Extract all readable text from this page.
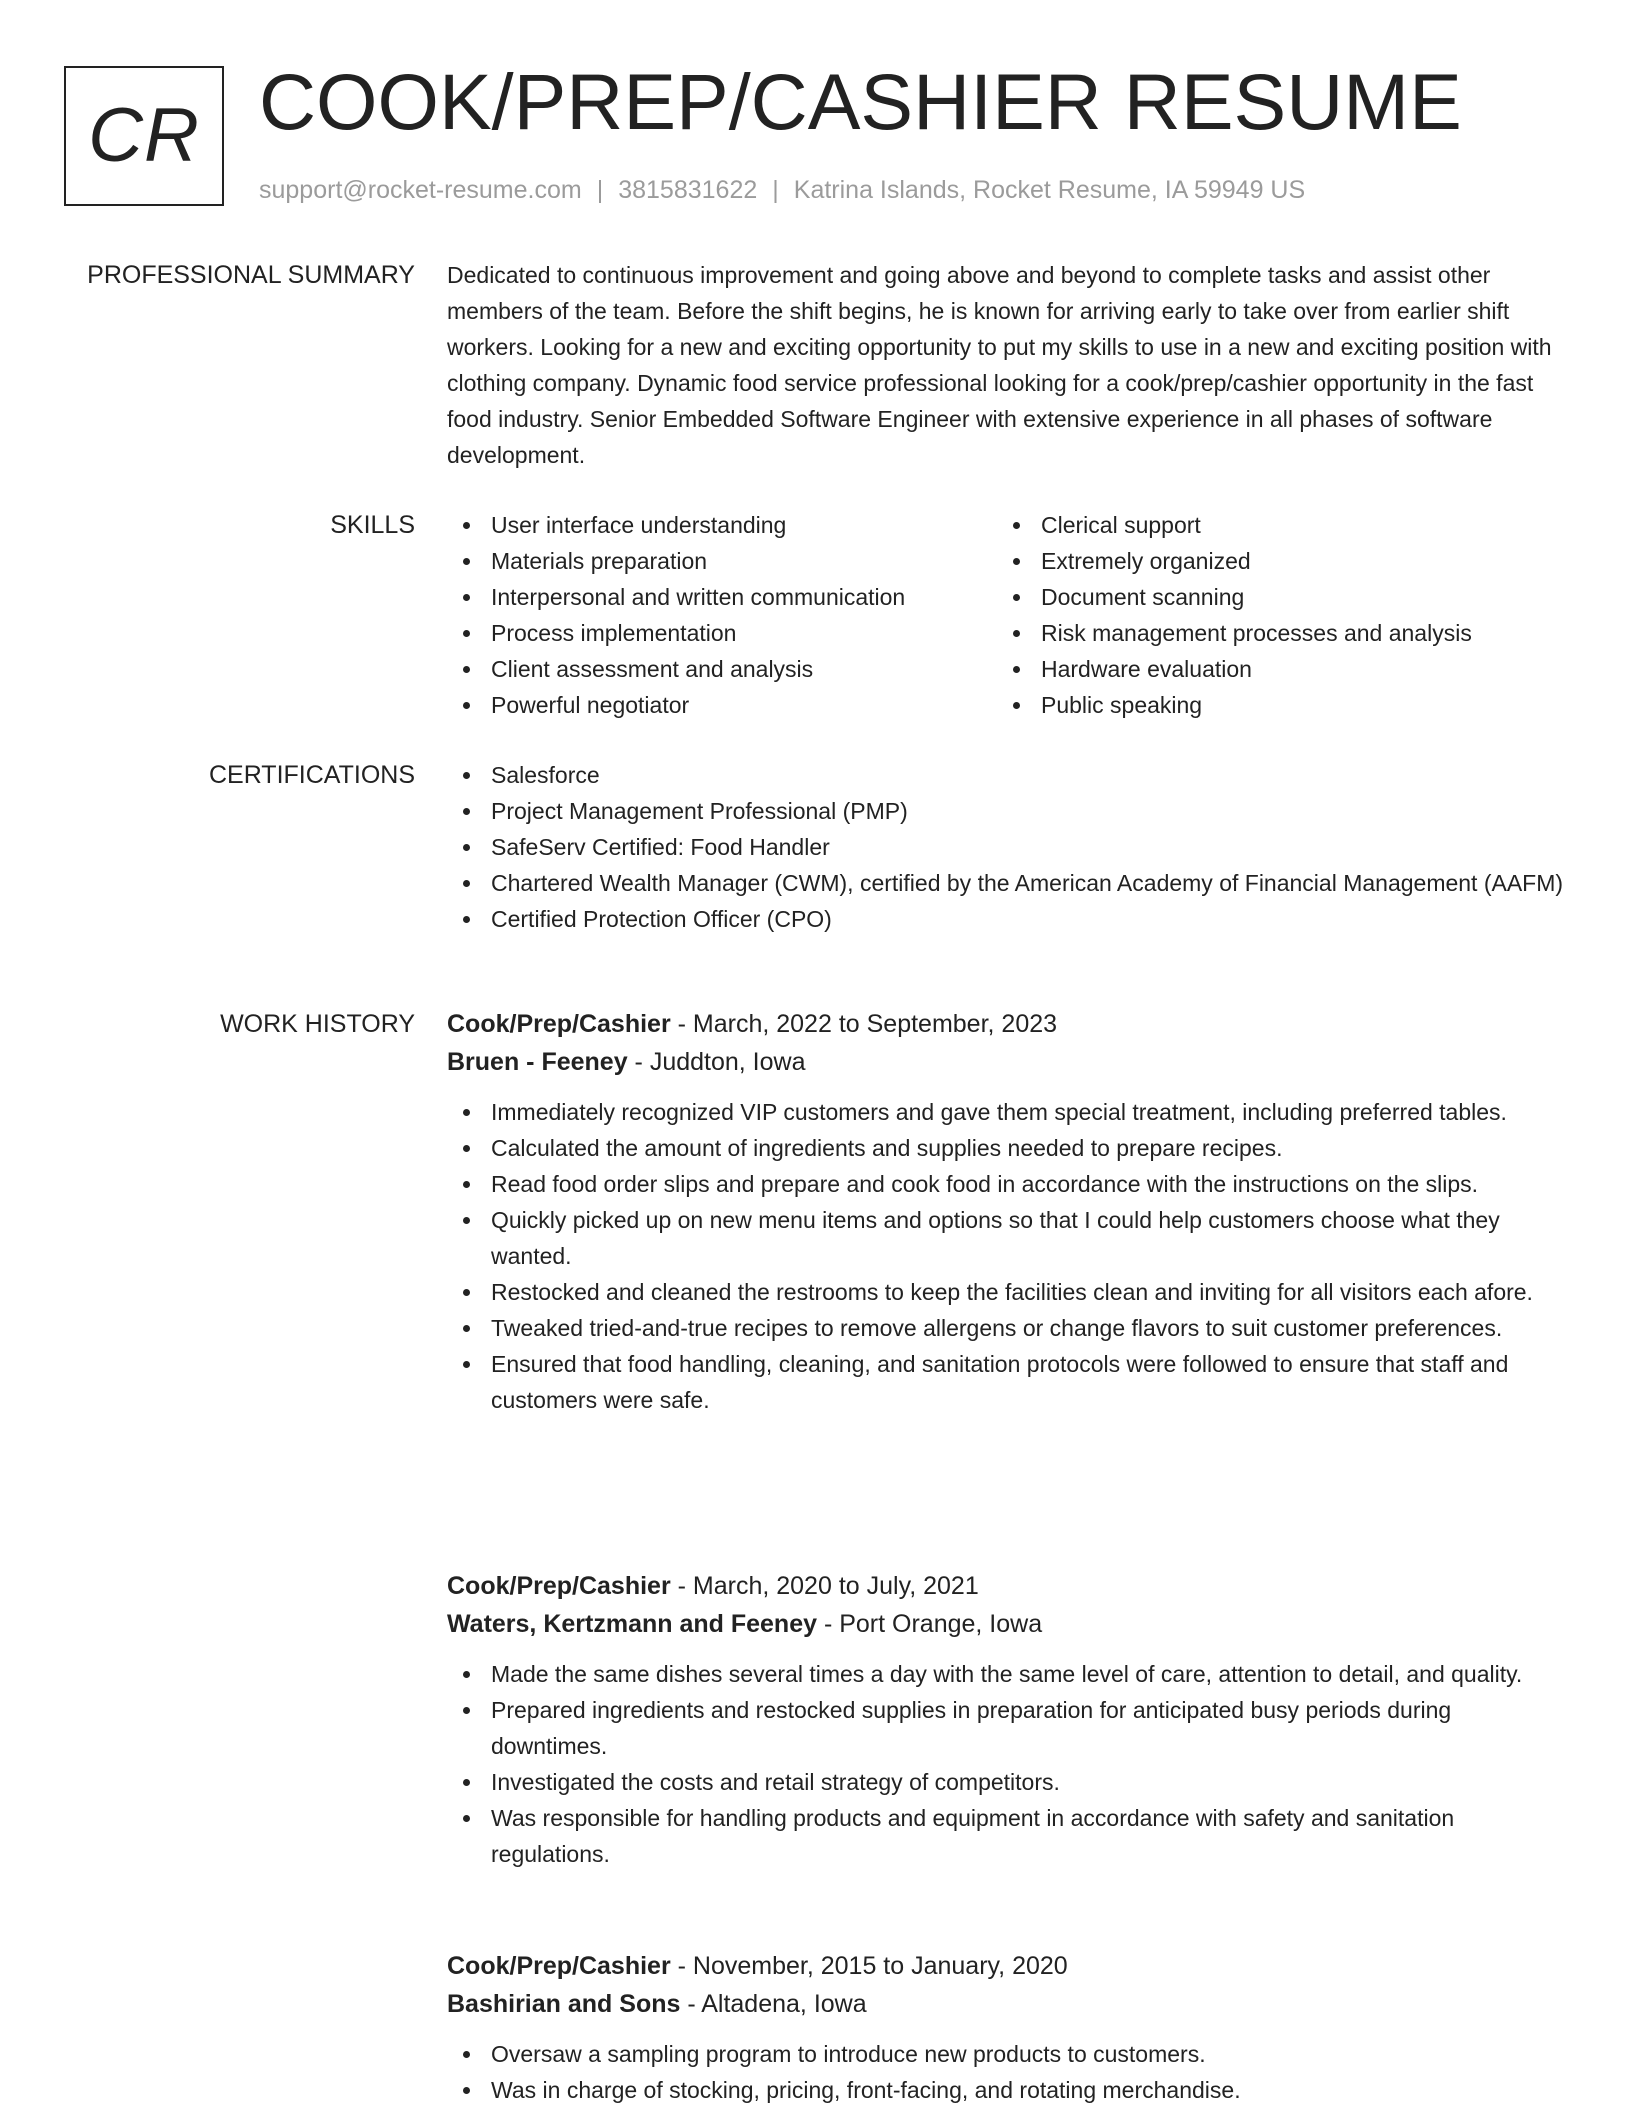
CR COOK/PREP/CASHIER RESUME
support@rocket-resume.com | 3815831622 | Katrina Islands, Rocket Resume, IA 59949 US
PROFESSIONAL SUMMARY Dedicated to continuous improvement and going above and beyond to complete tasks and assist other members of the team. Before the shift begins, he is known for arriving early to take over from earlier shift workers. Looking for a new and exciting opportunity to put my skills to use in a new and exciting position with clothing company. Dynamic food service professional looking for a cook/prep/cashier opportunity in the fast food industry. Senior Embedded Software Engineer with extensive experience in all phases of software development.

SKILLS	User interface understanding
Materials preparation
Interpersonal and written communication
Process implementation
Client assessment and analysis
Powerful negotiator
Clerical support
Extremely organized
Document scanning
Risk management processes and analysis
Hardware evaluation
Public speaking
CERTIFICATIONS	Salesforce
Project Management Professional (PMP)
SafeServ Certified: Food Handler
Chartered Wealth Manager (CWM), certified by the American Academy of Financial Management (AAFM)
Certified Protection Officer (CPO)
WORK HISTORY Cook/Prep/Cashier - March, 2022 to September, 2023
Bruen - Feeney - Juddton, Iowa
Immediately recognized VIP customers and gave them special treatment, including preferred tables.
Calculated the amount of ingredients and supplies needed to prepare recipes.
Read food order slips and prepare and cook food in accordance with the instructions on the slips.
Quickly picked up on new menu items and options so that I could help customers choose what they wanted.
Restocked and cleaned the restrooms to keep the facilities clean and inviting for all visitors each afore.
Tweaked tried-and-true recipes to remove allergens or change flavors to suit customer preferences.
Ensured that food handling, cleaning, and sanitation protocols were followed to ensure that staff and customers were safe.
Cook/Prep/Cashier - March, 2020 to July, 2021
Waters, Kertzmann and Feeney - Port Orange, Iowa
Made the same dishes several times a day with the same level of care, attention to detail, and quality.
Prepared ingredients and restocked supplies in preparation for anticipated busy periods during downtimes.
Investigated the costs and retail strategy of competitors.
Was responsible for handling products and equipment in accordance with safety and sanitation regulations.
Cook/Prep/Cashier - November, 2015 to January, 2020
Bashirian and Sons - Altadena, Iowa
Oversaw a sampling program to introduce new products to customers.
Was in charge of stocking, pricing, front-facing, and rotating merchandise.
